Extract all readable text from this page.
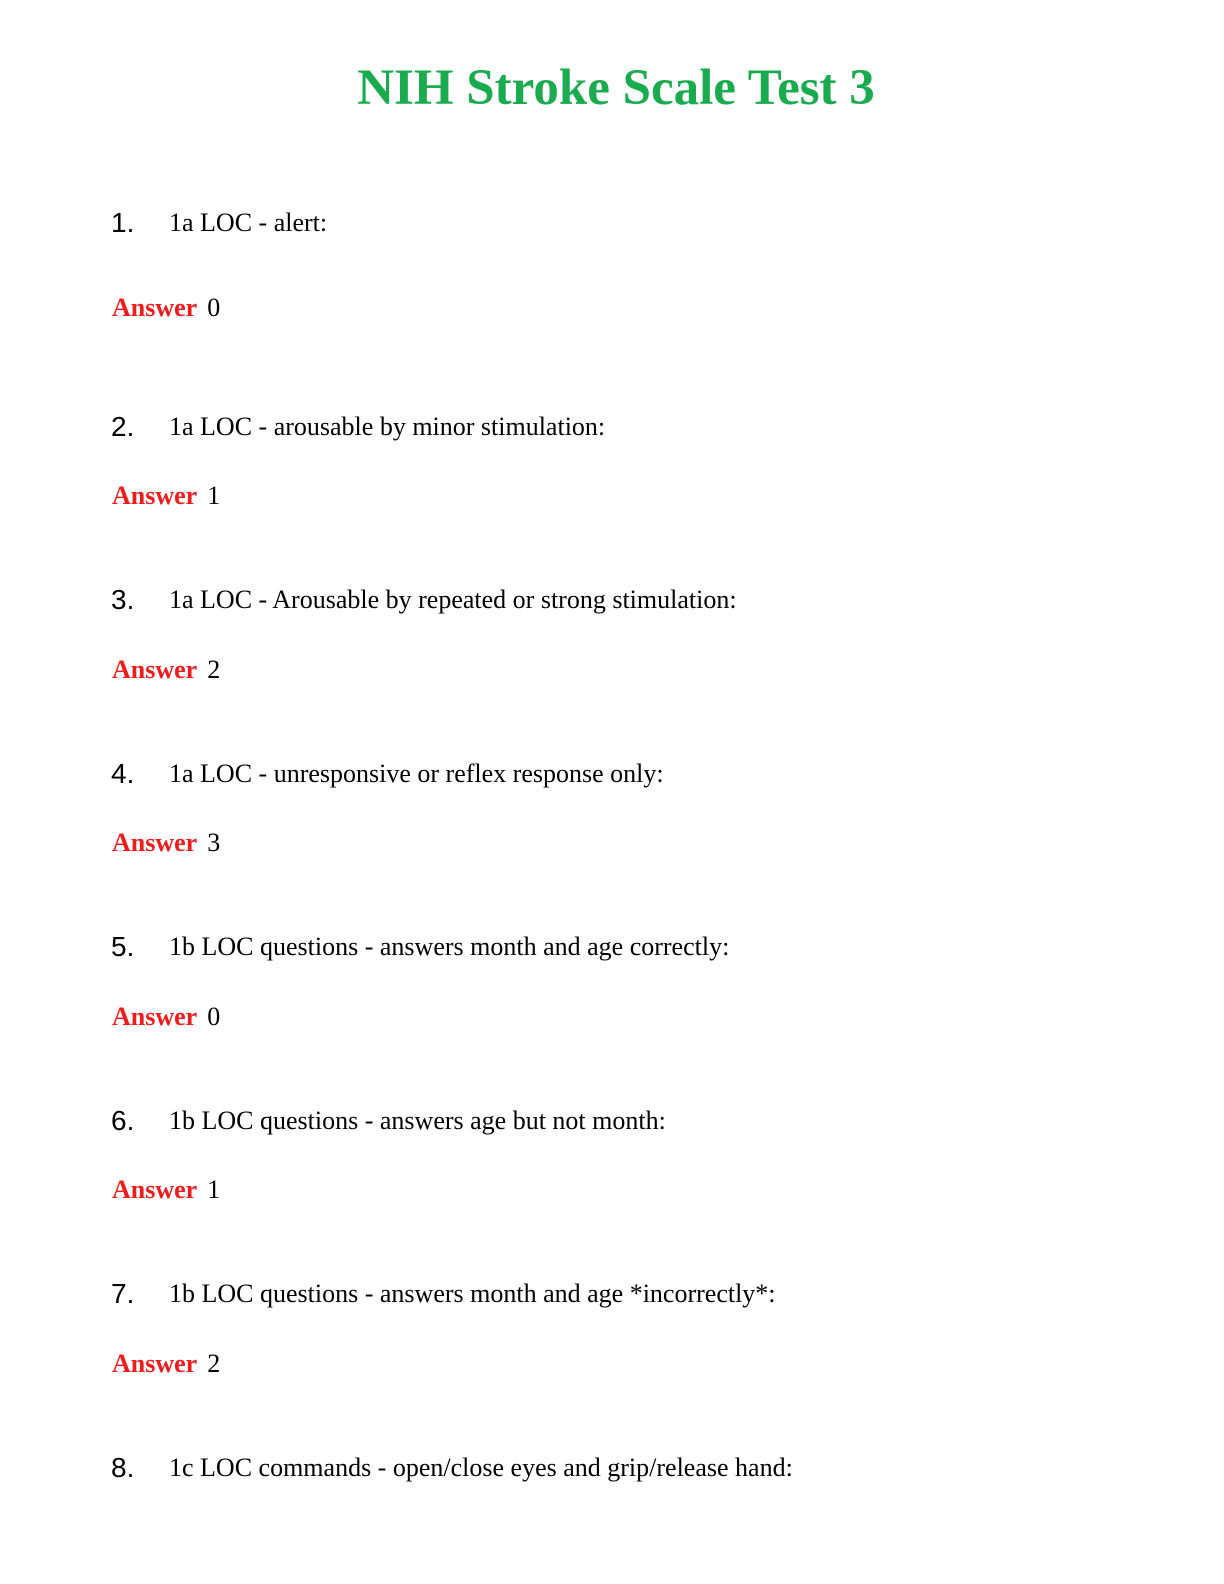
NIH Stroke Scale Test 3
1. 1a LOC - alert:
Answer 0
2. 1a LOC - arousable by minor stimulation:
Answer 1
3. 1a LOC - Arousable by repeated or strong stimulation:
Answer 2
4. 1a LOC - unresponsive or reflex response only:
Answer 3
5. 1b LOC questions - answers month and age correctly:
Answer 0
6. 1b LOC questions - answers age but not month:
Answer 1
7. 1b LOC questions - answers month and age *incorrectly*:
Answer 2
8. 1c LOC commands - open/close eyes and grip/release hand:
